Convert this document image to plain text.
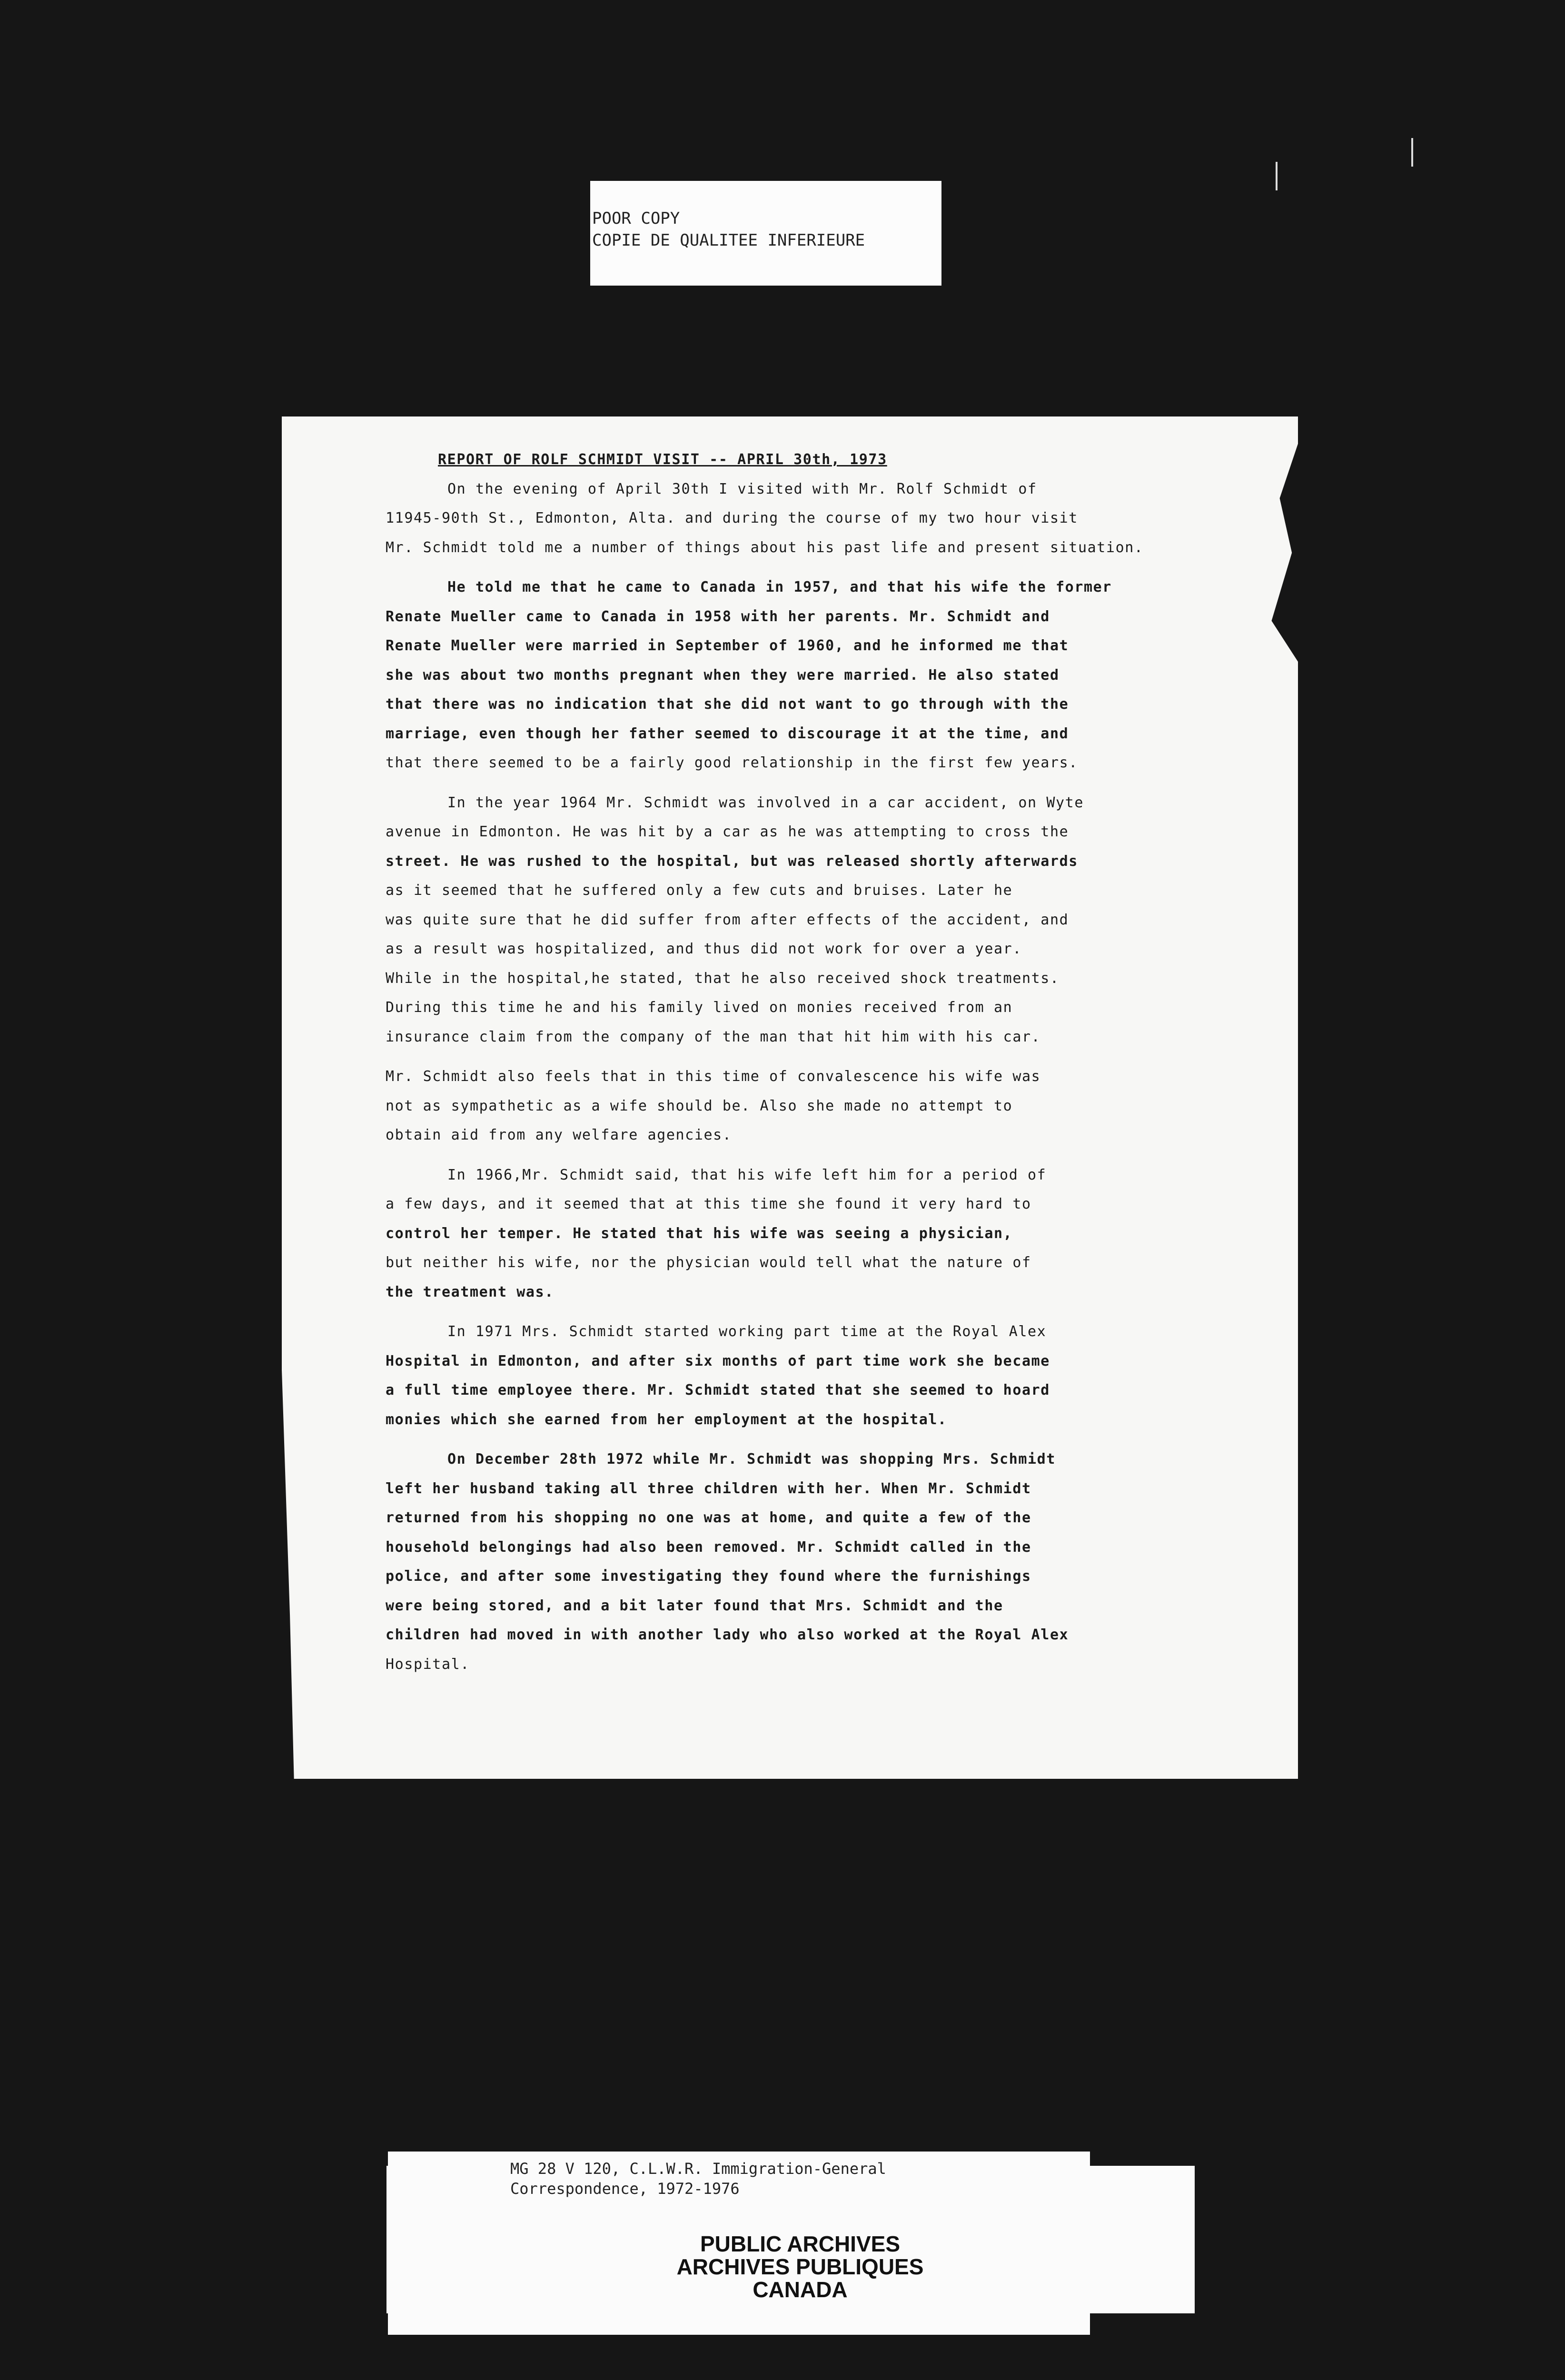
POOR COPY
COPIE DE QUALITEE INFERIEURE
REPORT OF ROLF SCHMIDT VISIT -- APRIL 30th, 1973
On the evening of April 30th I visited with Mr. Rolf Schmidt of
11945-90th St., Edmonton, Alta. and during the course of my two hour visit
Mr. Schmidt told me a number of things about his past life and present situation.
He told me that he came to Canada in 1957, and that his wife the former
Renate Mueller came to Canada in 1958 with her parents. Mr. Schmidt and
Renate Mueller were married in September of 1960, and he informed me that
she was about two months pregnant when they were married. He also stated
that there was no indication that she did not want to go through with the
marriage, even though her father seemed to discourage it at the time, and
that there seemed to be a fairly good relationship in the first few years.
In the year 1964 Mr. Schmidt was involved in a car accident, on Wyte
avenue in Edmonton. He was hit by a car as he was attempting to cross the
street. He was rushed to the hospital, but was released shortly afterwards
as it seemed that he suffered only a few cuts and bruises. Later he
was quite sure that he did suffer from after effects of the accident, and
as a result was hospitalized, and thus did not work for over a year.
While in the hospital,he stated, that he also received shock treatments.
During this time he and his family lived on monies received from an
insurance claim from the company of the man that hit him with his car.
Mr. Schmidt also feels that in this time of convalescence his wife was
not as sympathetic as a wife should be. Also she made no attempt to
obtain aid from any welfare agencies.
In 1966,Mr. Schmidt said, that his wife left him for a period of
a few days, and it seemed that at this time she found it very hard to
control her temper. He stated that his wife was seeing a physician,
but neither his wife, nor the physician would tell what the nature of
the treatment was.
In 1971 Mrs. Schmidt started working part time at the Royal Alex
Hospital in Edmonton, and after six months of part time work she became
a full time employee there. Mr. Schmidt stated that she seemed to hoard
monies which she earned from her employment at the hospital.
On December 28th 1972 while Mr. Schmidt was shopping Mrs. Schmidt
left her husband taking all three children with her. When Mr. Schmidt
returned from his shopping no one was at home, and quite a few of the
household belongings had also been removed. Mr. Schmidt called in the
police, and after some investigating they found where the furnishings
were being stored, and a bit later found that Mrs. Schmidt and the
children had moved in with another lady who also worked at the Royal Alex
Hospital.
MG 28 V 120, C.L.W.R. Immigration-General
Correspondence, 1972-1976
PUBLIC ARCHIVES
ARCHIVES PUBLIQUES
CANADA
